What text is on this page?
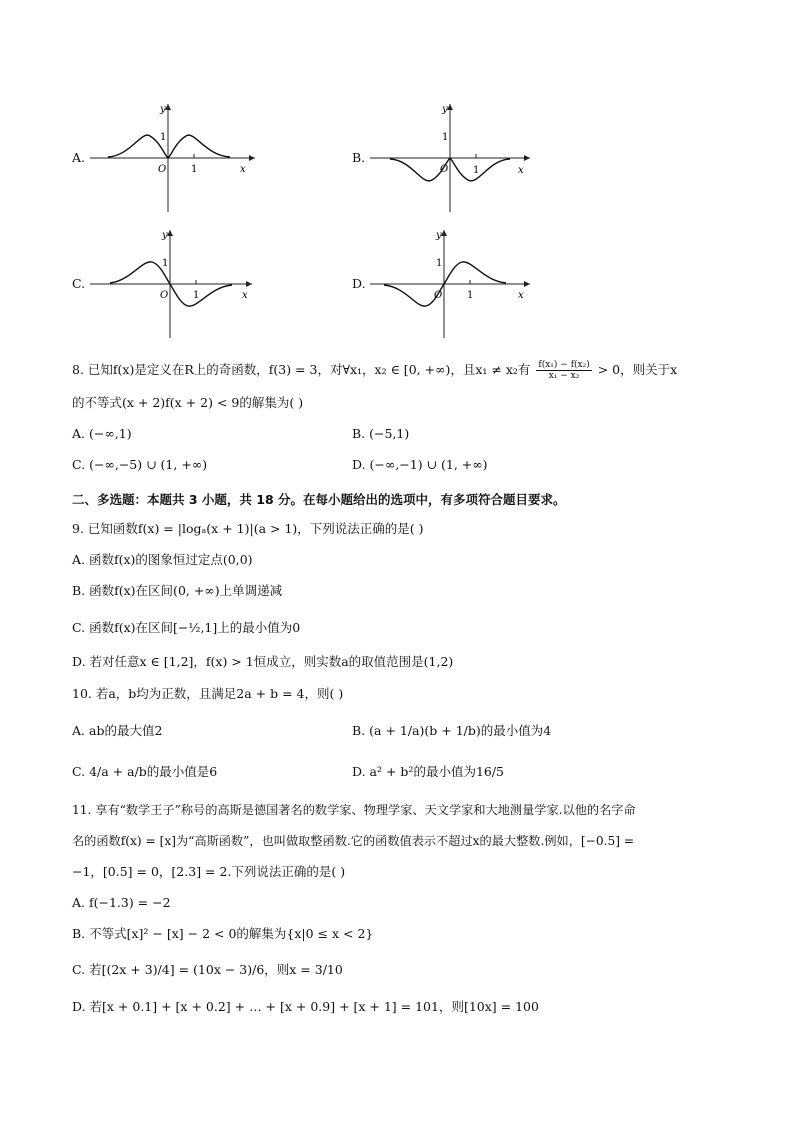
A.
y
x
O 1
1
B.
y
x
O 1
1
C.
y
x
O 1
1
D.
y
x
O 1
1
8. 已知f(x)是定义在R上的奇函数，f(3) = 3，对∀x₁，x₂ ∈ [0, +∞)，且x₁ ≠ x₂有 $\frac{\text{f(x₁) − f(x₂)}}{\text{x₁ − x₂}} > 0$，则关于x
的不等式(x + 2)f(x + 2) < 9的解集为( )
A. (−∞,1)	B. (−5,1)
C. (−∞,−5) ∪ (1, +∞)	D. (−∞,−1) ∪ (1, +∞)
二、多选题：本题共 3 小题，共 18 分。在每小题给出的选项中，有多项符合题目要求。
9. 已知函数f(x) = |logₐ(x + 1)|(a > 1)，下列说法正确的是( )
A. 函数f(x)的图象恒过定点(0,0)
B. 函数f(x)在区间(0, +∞)上单调递减
C. 函数f(x)在区间[−½,1]上的最小值为0
D. 若对任意x ∈ [1,2]，f(x) > 1恒成立，则实数a的取值范围是(1,2)
10. 若a，b均为正数，且满足2a + b = 4，则( )
A. ab的最大值2	B. (a + 1/a)(b + 1/b)的最小值为4
C. 4/a + a/b的最小值是6	D. a² + b²的最小值为16/5
11. 享有“数学王子”称号的高斯是德国著名的数学家、物理学家、天文学家和大地测量学家.以他的名字命
名的函数f(x) = [x]为“高斯函数”，也叫做取整函数.它的函数值表示不超过x的最大整数.例如，[−0.5] =
−1，[0.5] = 0，[2.3] = 2.下列说法正确的是( )
A. f(−1.3) = −2
B. 不等式[x]² − [x] − 2 < 0的解集为{x|0 ≤ x < 2}
C. 若[(2x + 3)/4] = (10x − 3)/6，则x = 3/10
D. 若[x + 0.1] + [x + 0.2] + … + [x + 0.9] + [x + 1] = 101，则[10x] = 100
